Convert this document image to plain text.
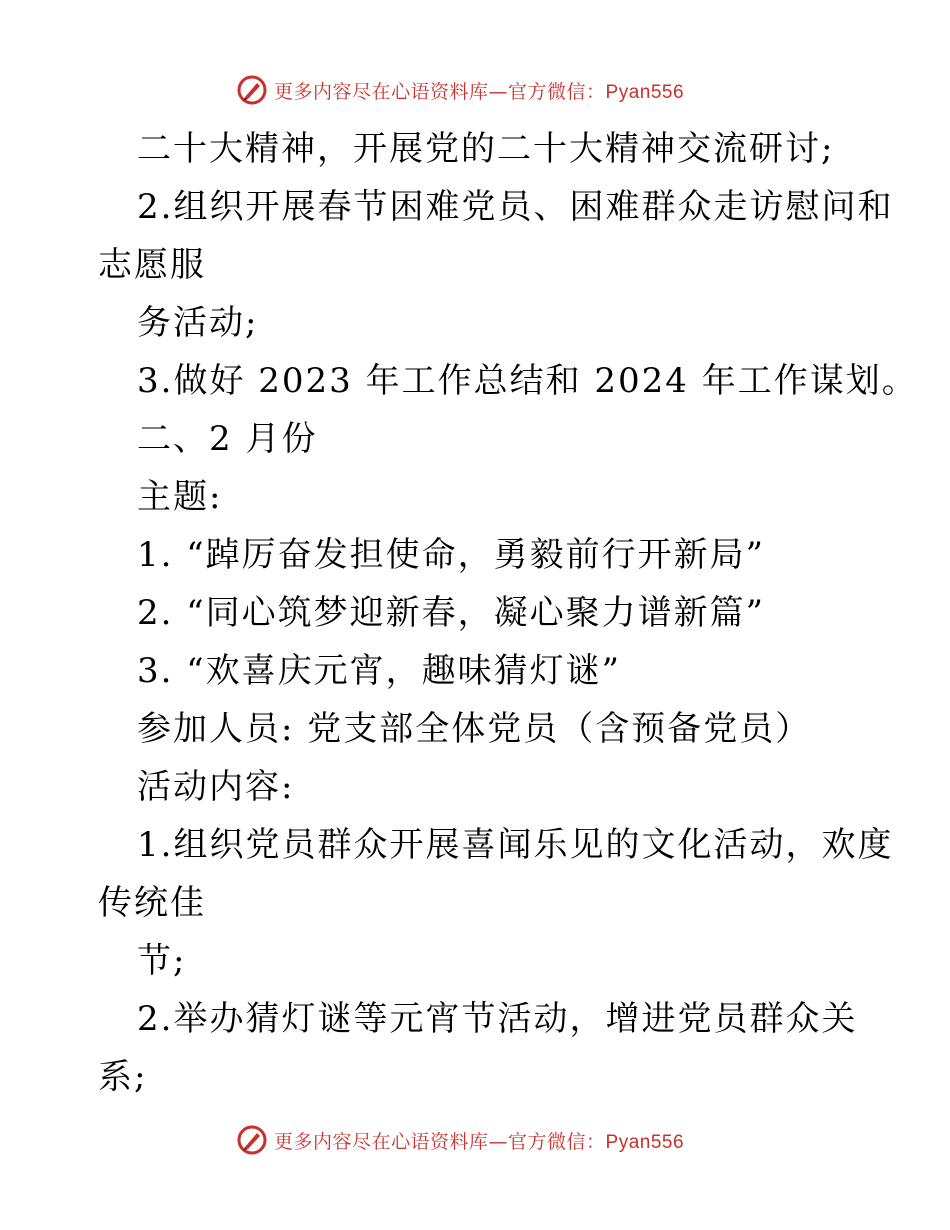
更多内容尽在心语资料库—官方微信：Pyan556
二十大精神，开展党的二十大精神交流研讨;
2.组织开展春节困难党员、困难群众走访慰问和
志愿服
务活动;
3.做好 2023 年工作总结和 2024 年工作谋划。
二、2 月份
主题:
1. “踔厉奋发担使命，勇毅前行开新局”
2. “同心筑梦迎新春，凝心聚力谱新篇”
3. “欢喜庆元宵，趣味猜灯谜”
参加人员: 党支部全体党员（含预备党员）
活动内容:
1.组织党员群众开展喜闻乐见的文化活动，欢度
传统佳
节;
2.举办猜灯谜等元宵节活动，增进党员群众关
系;
更多内容尽在心语资料库—官方微信：Pyan556
